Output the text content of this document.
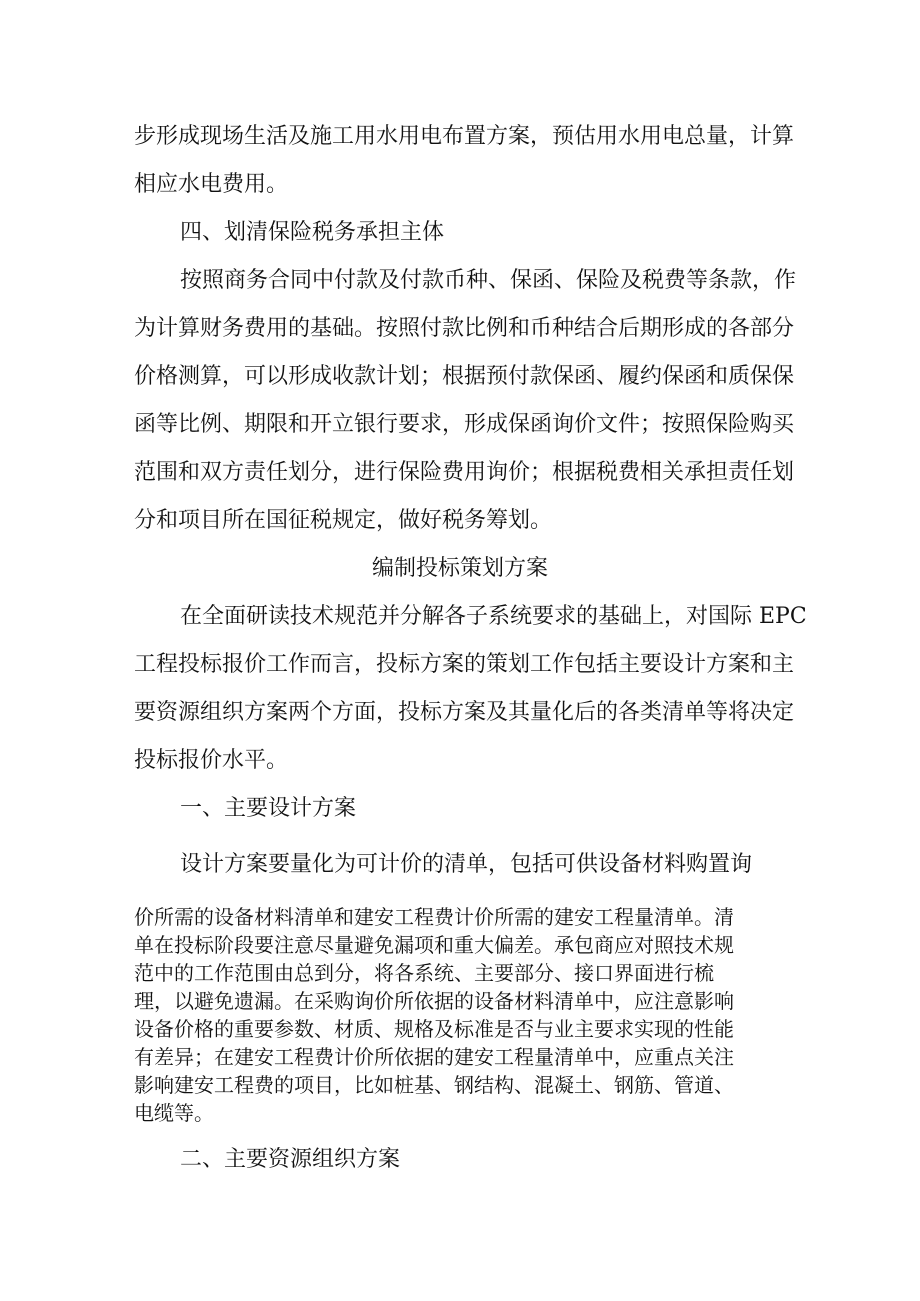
步形成现场生活及施工用水用电布置方案，预估用水用电总量，计算
相应水电费用。
四、划清保险税务承担主体
按照商务合同中付款及付款币种、保函、保险及税费等条款，作
为计算财务费用的基础。按照付款比例和币种结合后期形成的各部分
价格测算，可以形成收款计划；根据预付款保函、履约保函和质保保
函等比例、期限和开立银行要求，形成保函询价文件；按照保险购买
范围和双方责任划分，进行保险费用询价；根据税费相关承担责任划
分和项目所在国征税规定，做好税务筹划。
编制投标策划方案
在全面研读技术规范并分解各子系统要求的基础上，对国际 EPC
工程投标报价工作而言，投标方案的策划工作包括主要设计方案和主
要资源组织方案两个方面，投标方案及其量化后的各类清单等将决定
投标报价水平。
一、主要设计方案
设计方案要量化为可计价的清单，包括可供设备材料购置询
价所需的设备材料清单和建安工程费计价所需的建安工程量清单。清
单在投标阶段要注意尽量避免漏项和重大偏差。承包商应对照技术规
范中的工作范围由总到分，将各系统、主要部分、接口界面进行梳
理，以避免遗漏。在采购询价所依据的设备材料清单中，应注意影响
设备价格的重要参数、材质、规格及标准是否与业主要求实现的性能
有差异；在建安工程费计价所依据的建安工程量清单中，应重点关注
影响建安工程费的项目，比如桩基、钢结构、混凝土、钢筋、管道、
电缆等。
二、主要资源组织方案
